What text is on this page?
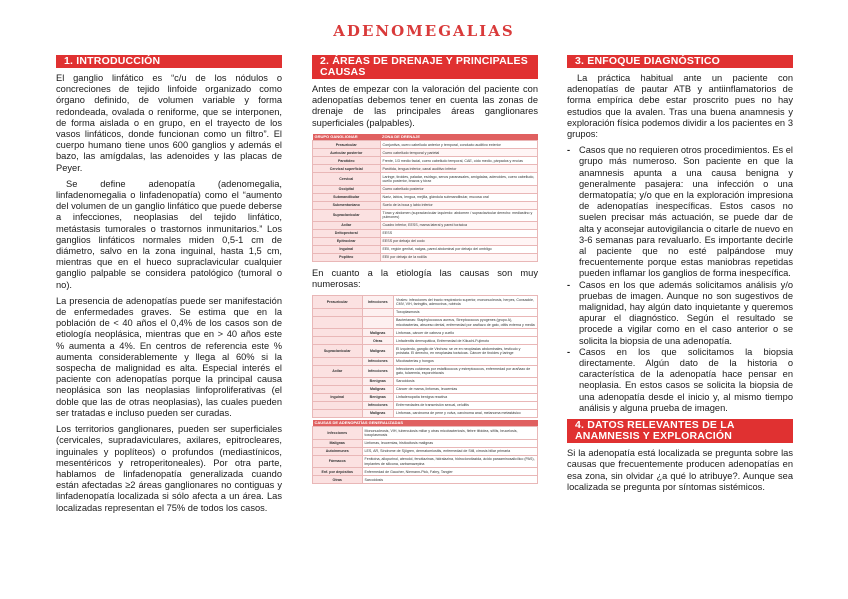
ADENOMEGALIAS
1. INTRODUCCIÓN

El ganglio linfático es “c/u de los nódulos o concreciones de tejido linfoide organizado como órgano definido, de volumen variable y forma redondeada, ovalada o reniforme, que se interponen, de forma aislada o en grupo, en el trayecto de los vasos linfáticos, donde funcionan como un filtro”. El cuerpo humano tiene unos 600 ganglios y además el bazo, las amígdalas, las adenoides y las placas de Peyer.

Se define adenopatía (adenomegalia, linfadenomegalia o linfadenopatía) como el “aumento del volumen de un ganglio linfático que puede deberse a infecciones, neoplasias del tejido linfático, metástasis tumorales o trastornos inmunitarios.” Los ganglios linfáticos normales miden 0,5-1 cm de diámetro, salvo en la zona inguinal, hasta 1,5 cm, mientras que en el hueco supraclavicular cualquier ganglio palpable se considera patológico (tumoral o no).

La presencia de adenopatías puede ser manifestación de enfermedades graves. Se estima que en la población de < 40 años el 0,4% de los casos son de etiología neoplásica, mientras que en > 40 años este % aumenta a 4%. En centros de referencia este % aumenta considerablemente y llega al 60% si la sospecha de malignidad es alta. Especial interés el paciente con adenopatías porque la principal causa neoplásica son las neoplasias linfoproliferativas (el doble que las de otras neoplasias), las cuales pueden ser tratadas e incluso pueden ser curadas.

Los territorios ganglionares, pueden ser superficiales (cervicales, supradaviculares, axilares, epitrocleares, inguinales y poplíteos) o profundos (mediastínicos, mesentéricos y retroperitoneales). Por otra parte, hablamos de linfadenopatía generalizada cuando están afectadas ≥2 áreas ganglionares no contiguas y linfadenopatía localizada si sólo afecta a un área. Las localizadas representan el 75% de todos los casos.

2. ÁREAS DE DRENAJE Y PRINCIPALES CAUSAS

Antes de empezar con la valoración del paciente con adenopatías debemos tener en cuenta las zonas de drenaje de las principales áreas ganglionares superficiales (palpables).

GRUPO GANGLIONAR	ZONA DE DRENAJE
Preauricular	Conjuntiva, cuero cabelludo anterior y temporal, conducto auditivo exterior
Auricular posterior	Cuero cabelludo temporal y parietal
Parotídeo	Frente, 1/3 medio facial, cuero cabelludo temporal, CAE, oído medio, párpados y encías
Cervical superficial	Parótida, lengua inferior, canal auditivo inferior
Cervical	Laringe, tiroides, paladar, esófago, senos paranasales, amígdalas, adenoides, cuero cabelludo, cuello posterior, brazos y tórax
Occipital	Cuero cabelludo posterior
Submandibular	Nariz, labios, lengua, mejilla, glándula submandibular, mucosa oral
Submentoniano	Suelo de la boca y labio inferior
Supraclavicular	Tórax y abdomen (supraclavicular izquierdo: abdomen / supraclavicular derecho: mediastino y pulmones)
Axilar	Cuadro inferior, EESS, mama lateral y pared torácica
Deltopectoral	EESS
Epitroclear	EESS por debajo del codo
Inguinal	EEII, región genital, nalgas, pared abdominal por debajo del ombligo
Poplíteo	EEII por debajo de la rodilla

En cuanto a la etiología las causas son muy numerosas:

Preauricular	Infecciones	Virales: infecciones del tracto respiratorio superior, mononucleosis, herpes, Coxsackie, CMV, VIH, faringitis, adenovirus, rubéola
		Toxoplasmosis
		Bacterianas: Staphylococcus aureus, Streptococcus pyogenes (grupo A), micobacterias, absceso dental, enfermedad por arañazo de gato, otitis externa y media
	Malignas	Linfomas, cáncer de cabeza y cuello
	Otras	Linfadenitis dermopática, Enfermedad de Kikuchi-Fujimoto
Supraclavicular	Malignas	El izquierdo, ganglio de Virchow: se ve en neoplasias abdominales, testículo y próstata. El derecho, en neoplasias torácicas. Cáncer de tiroides y laringe
	Infecciones	Micobacterias y hongos
Axilar	Infecciones	Infecciones cutáneas por estafilococos y estreptococos, enfermedad por arañazo de gato, tularemia, esporotricosis
	Benignas	Sarcoidosis
	Malignas	Cáncer de mama, linfomas, leucemias
Inguinal	Benignas	Linfadenopatía benigna reactiva
	Infecciones	Enfermedades de transmisión sexual, celulitis
	Malignas	Linfomas, carcinoma de pene y vulva, carcinoma anal, melanoma metastásico
CAUSAS DE ADENOPATÍAS GENERALIZADAS	
Infecciones	Mononucleosis, VIH, tuberculosis miliar y otras micobacteriosis, fiebre tifoidea, sífilis, brucelosis, toxoplasmosis
Malignas	Linfomas, leucemias, histiocitosis malignas
Autoinmunes	LES, AR, Síndrome de Sjögren, dermatomiositis, enfermedad de Still, cirrosis biliar primaria
Fármacos	Fenitoína, allopurinol, atenolol, fenotiazinas, hidralazina, hidroclorotiazida, ácido paraaminosalicílico (PAS), implantes de silicona, carbamazepina
Enf. por depósitos	Enfermedad de Gaucher, Niemann-Pick, Fabry, Tangier
Otras	Sarcoidosis
3. ENFOQUE DIAGNÓSTICO

La práctica habitual ante un paciente con adenopatías de pautar ATB y antiinflamatorios de forma empírica debe estar proscrito pues no hay estudios que la avalen. Tras una buena anamnesis y exploración física podemos dividir a los pacientes en 3 grupos:

- Casos que no requieren otros procedimientos. Es el grupo más numeroso. Son paciente en que la anamnesis apunta a una causa benigna y generalmente pasajera: una infección o una dermatopatía; y/o que en la exploración impresiona de adenopatías inespecíficas. Estos casos no suelen precisar más actuación, se puede dar de alta y aconsejar autovigilancia o citarle de nuevo en 3-6 semanas para revaluarlo. Es importante decirle al paciente que no esté palpándose muy frecuentemente porque estas maniobras repetidas pueden inflamar los ganglios de forma inespecífica.
- Casos en los que además solicitamos análisis y/o pruebas de imagen. Aunque no son sugestivos de malignidad, hay algún dato inquietante y queremos apurar el diagnóstico. Según el resultado se procede a vigilar como en el caso anterior o se solicita la biopsia de una adenopatía.
- Casos en los que solicitamos la biopsia directamente. Algún dato de la historia o característica de la adenopatía hace pensar en neoplasia. En estos casos se solicita la biopsia de una adenopatía desde el inicio y, al mismo tiempo análisis y alguna prueba de imagen.
4. DATOS RELEVANTES DE LA ANAMNESIS Y EXPLORACIÓN

Si la adenopatía está localizada se pregunta sobre las causas que frecuentemente producen adenopatías en esa zona, sin olvidar ¿a qué lo atribuye?. Aunque sea localizada se pregunta por síntomas sistémicos.
